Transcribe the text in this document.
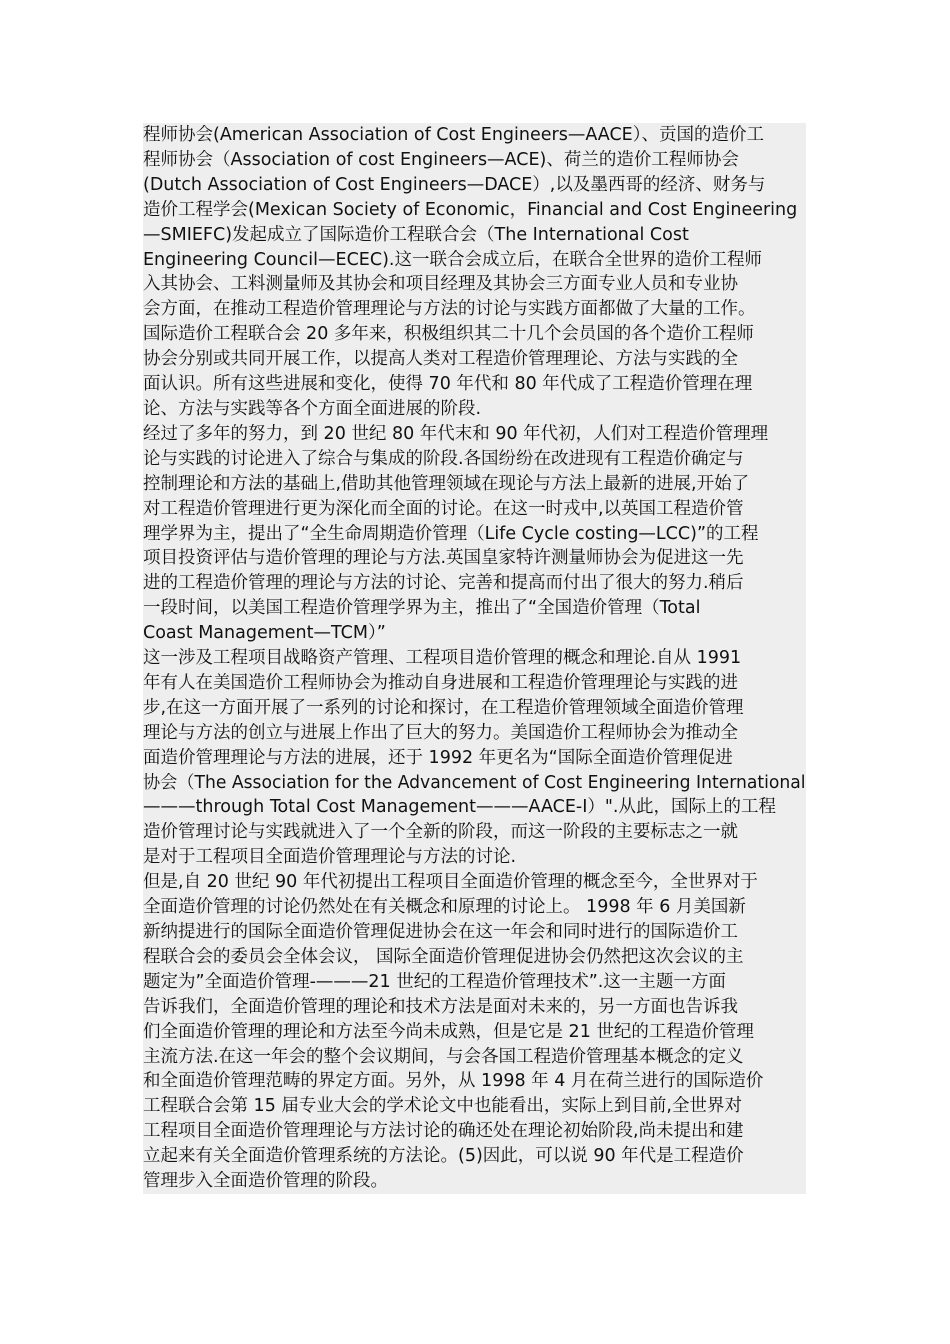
程师协会(American Association of Cost Engineers—AACE）、贡国的造价工
程师协会（Association of cost Engineers—ACE)、荷兰的造价工程师协会
(Dutch Association of Cost Engineers—DACE）,以及墨西哥的经济、财务与
造价工程学会(Mexican Society of Economic，Financial and Cost Engineering
—SMIEFC)发起成立了国际造价工程联合会（The International Cost
Engineering Council—ECEC).这一联合会成立后，在联合全世界的造价工程师
入其协会、工料测量师及其协会和项目经理及其协会三方面专业人员和专业协
会方面，在推动工程造价管理理论与方法的讨论与实践方面都做了大量的工作。
国际造价工程联合会 20 多年来，积极组织其二十几个会员国的各个造价工程师
协会分别或共同开展工作，以提高人类对工程造价管理理论、方法与实践的全
面认识。所有这些进展和变化，使得 70 年代和 80 年代成了工程造价管理在理
论、方法与实践等各个方面全面进展的阶段.
经过了多年的努力，到 20 世纪 80 年代末和 90 年代初，人们对工程造价管理理
论与实践的讨论进入了综合与集成的阶段.各国纷纷在改进现有工程造价确定与
控制理论和方法的基础上,借助其他管理领域在现论与方法上最新的进展,开始了
对工程造价管理进行更为深化而全面的讨论。在这一时戎中,以英国工程造价管
理学界为主，提出了“全生命周期造价管理（Life Cycle costing—LCC)”的工程
项目投资评估与造价管理的理论与方法.英国皇家特许测量师协会为促进这一先
进的工程造价管理的理论与方法的讨论、完善和提高而付出了很大的努力.稍后
一段时间，以美国工程造价管理学界为主，推出了“全国造价管理（Total
Coast Management—TCM）”
这一涉及工程项目战略资产管理、工程项目造价管理的概念和理论.自从 1991
年有人在美国造价工程师协会为推动自身进展和工程造价管理理论与实践的进
步,在这一方面开展了一系列的讨论和探讨，在工程造价管理领域全面造价管理
理论与方法的创立与进展上作出了巨大的努力。美国造价工程师协会为推动全
面造价管理理论与方法的进展，还于 1992 年更名为“国际全面造价管理促进
协会（The Association for the Advancement of Cost Engineering International
———through Total Cost Management———AACE-I）".从此，国际上的工程
造价管理讨论与实践就进入了一个全新的阶段，而这一阶段的主要标志之一就
是对于工程项目全面造价管理理论与方法的讨论.
但是,自 20 世纪 90 年代初提出工程项目全面造价管理的概念至今，全世界对于
全面造价管理的讨论仍然处在有关概念和原理的讨论上。 1998 年 6 月美国新
新纳提进行的国际全面造价管理促进协会在这一年会和同时进行的国际造价工
程联合会的委员会全体会议， 国际全面造价管理促进协会仍然把这次会议的主
题定为”全面造价管理-———21 世纪的工程造价管理技术”.这一主题一方面
告诉我们，全面造价管理的理论和技术方法是面对未来的，另一方面也告诉我
们全面造价管理的理论和方法至今尚未成熟，但是它是 21 世纪的工程造价管理
主流方法.在这一年会的整个会议期间，与会各国工程造价管理基本概念的定义
和全面造价管理范畴的界定方面。另外，从 1998 年 4 月在荷兰进行的国际造价
工程联合会第 15 届专业大会的学术论文中也能看出，实际上到目前,全世界对
工程项目全面造价管理理论与方法讨论的确还处在理论初始阶段,尚未提出和建
立起来有关全面造价管理系统的方法论。(5)因此，可以说 90 年代是工程造价
管理步入全面造价管理的阶段。
